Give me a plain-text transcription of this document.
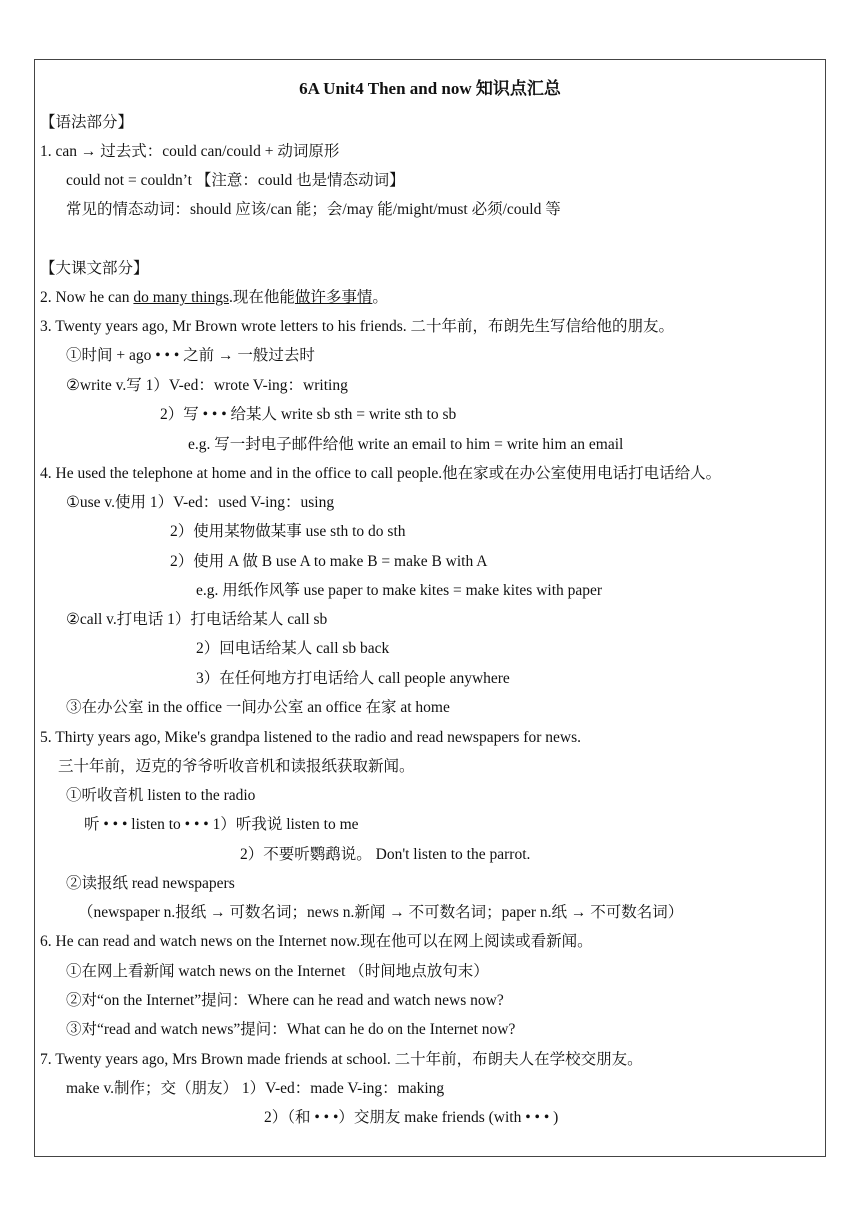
6A Unit4 Then and now 知识点汇总
【语法部分】
1. can → 过去式：could can/could + 动词原形
could not = couldn’t 【注意：could 也是情态动词】
常见的情态动词：should 应该/can 能；会/may 能/might/must 必须/could 等
【大课文部分】
2. Now he can do many things.现在他能做许多事情。
3. Twenty years ago, Mr Brown wrote letters to his friends. 二十年前，布朗先生写信给他的朋友。
①时间 + ago • • • 之前 → 一般过去时
②write v.写 1）V-ed：wrote V-ing：writing
2）写 • • • 给某人 write sb sth = write sth to sb
e.g. 写一封电子邮件给他 write an email to him = write him an email
4. He used the telephone at home and in the office to call people.他在家或在办公室使用电话打电话给人。
①use v.使用 1）V-ed：used V-ing：using
2）使用某物做某事 use sth to do sth
2）使用 A 做 B use A to make B = make B with A
e.g. 用纸作风筝 use paper to make kites = make kites with paper
②call v.打电话 1）打电话给某人 call sb
2）回电话给某人 call sb back
3）在任何地方打电话给人 call people anywhere
③在办公室 in the office 一间办公室 an office 在家 at home
5. Thirty years ago, Mike's grandpa listened to the radio and read newspapers for news.
三十年前，迈克的爷爷听收音机和读报纸获取新闻。
①听收音机 listen to the radio
听 • • • listen to • • • 1）听我说 listen to me
2）不要听鹦鹉说。 Don't listen to the parrot.
②读报纸 read newspapers
（newspaper n.报纸 → 可数名词；news n.新闻 → 不可数名词；paper n.纸 → 不可数名词）
6. He can read and watch news on the Internet now.现在他可以在网上阅读或看新闻。
①在网上看新闻 watch news on the Internet （时间地点放句末）
②对“on the Internet”提问：Where can he read and watch news now?
③对“read and watch news”提问：What can he do on the Internet now?
7. Twenty years ago, Mrs Brown made friends at school. 二十年前，布朗夫人在学校交朋友。
make v.制作；交（朋友） 1）V-ed：made V-ing：making
2）（和 • • •）交朋友 make friends (with • • • )
